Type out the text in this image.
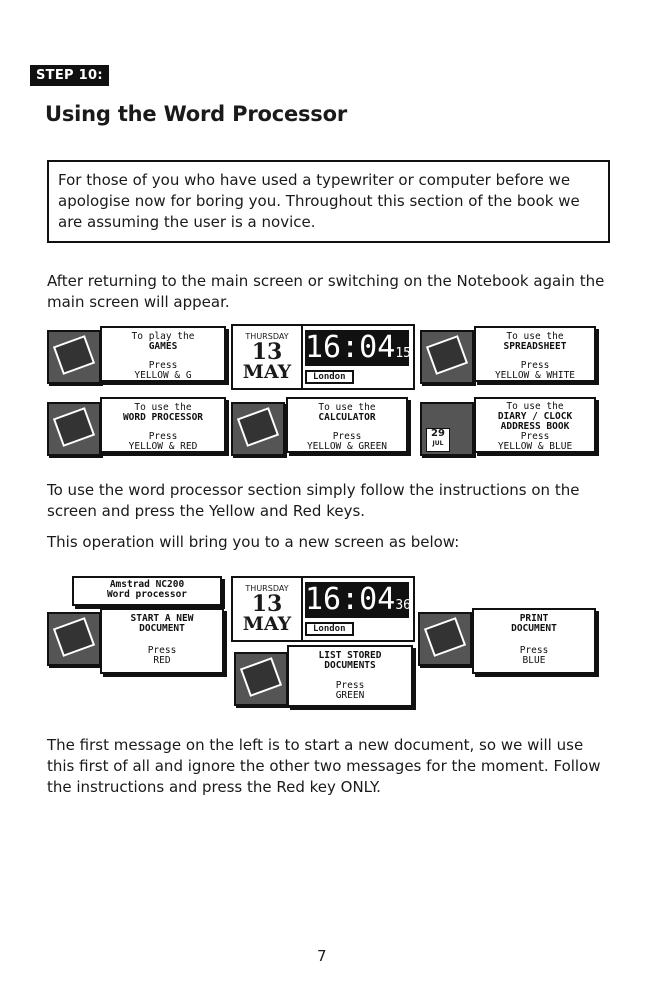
STEP 10:
Using the Word Processor
For those of you who have used a typewriter or computer before we apologise now for boring you. Throughout this section of the book we are assuming the user is a novice.

After returning to the main screen or switching on the Notebook again the main screen will appear.

To play the
GAMES
Press
YELLOW & G
THURSDAY
13
MAY
16:0415
London
To use the
SPREADSHEET
Press
YELLOW & WHITE
To use the
WORD PROCESSOR
Press
YELLOW & RED
To use the
CALCULATOR
Press
YELLOW & GREEN
29
JUL
To use the
DIARY / CLOCK
ADDRESS BOOK
Press
YELLOW & BLUE

To use the word processor section simply follow the instructions on the screen and press the Yellow and Red keys.

This operation will bring you to a new screen as below:

Amstrad NC200
Word processor
START A NEW
DOCUMENT
Press
RED
THURSDAY
13
MAY
16:0436
London
LIST STORED
DOCUMENTS
Press
GREEN
PRINT
DOCUMENT
Press
BLUE

The first message on the left is to start a new document, so we will use this first of all and ignore the other two messages for the moment. Follow the instructions and press the Red key ONLY.

7
